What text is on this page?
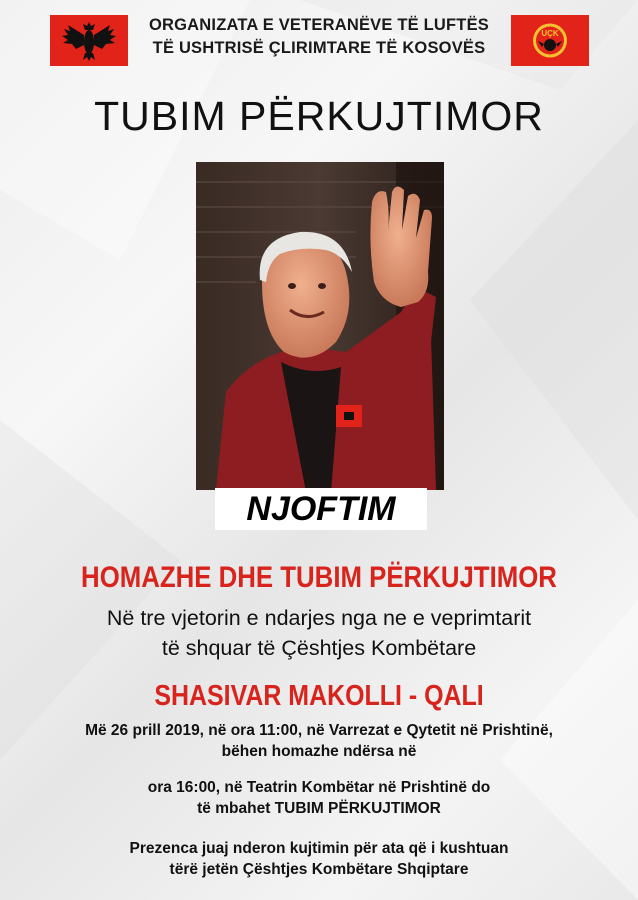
ORGANIZATA E VETERANËVE TË LUFTËS
TË USHTRISË ÇLIRIMTARE TË KOSOVËS
UÇK
TUBIM PËRKUJTIMOR
NJOFTIM
HOMAZHE DHE TUBIM PËRKUJTIMOR
Në tre vjetorin e ndarjes nga ne e veprimtarit
të shquar të Çështjes Kombëtare
SHASIVAR MAKOLLI - QALI
Më 26 prill 2019, në ora 11:00, në Varrezat e Qytetit në Prishtinë,
bëhen homazhe ndërsa në
ora 16:00, në Teatrin Kombëtar në Prishtinë do
të mbahet TUBIM PËRKUJTIMOR
Prezenca juaj nderon kujtimin për ata që i kushtuan
tërë jetën Çështjes Kombëtare Shqiptare
